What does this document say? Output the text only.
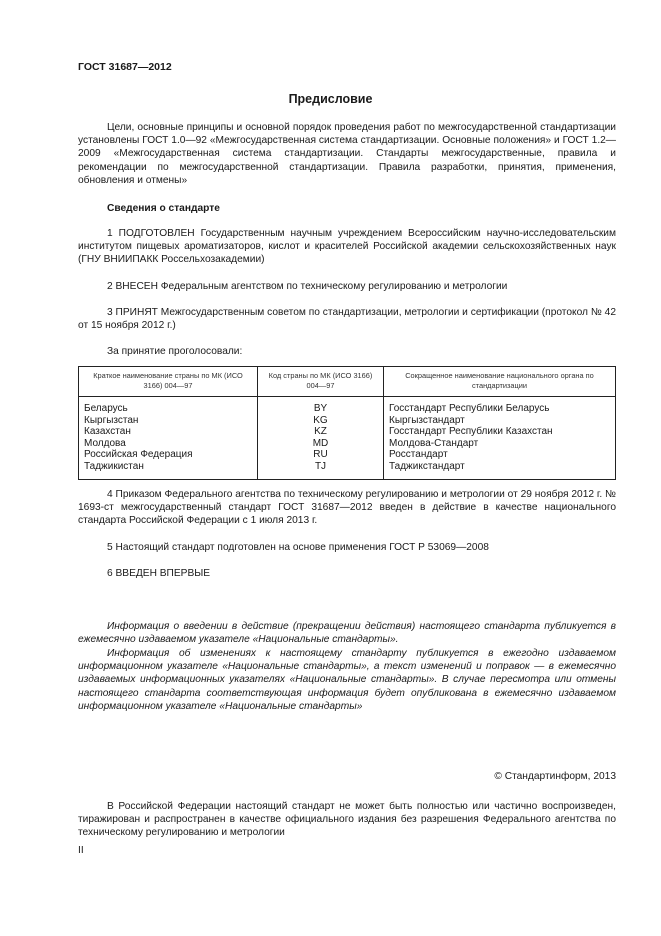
ГОСТ 31687—2012
Предисловие

Цели, основные принципы и основной порядок проведения работ по межгосударственной стандартизации установлены ГОСТ 1.0—92 «Межгосударственная система стандартизации. Основные положения» и ГОСТ 1.2—2009 «Межгосударственная система стандартизации. Стандарты межгосударственные, правила и рекомендации по межгосударственной стандартизации. Правила разработки, принятия, применения, обновления и отмены»

Сведения о стандарте

1 ПОДГОТОВЛЕН Государственным научным учреждением Всероссийским научно-исследовательским институтом пищевых ароматизаторов, кислот и красителей Российской академии сельскохозяйственных наук (ГНУ ВНИИПАКК Россельхозакадемии)

2 ВНЕСЕН Федеральным агентством по техническому регулированию и метрологии

3 ПРИНЯТ Межгосударственным советом по стандартизации, метрологии и сертификации (протокол № 42 от 15 ноября 2012 г.)

За принятие проголосовали:

Краткое наименование страны по МК (ИСО 3166) 004—97	Код страны по МК (ИСО 3166) 004—97	Сокращенное наименование национального органа по стандартизации
Беларусь	BY	Госстандарт Республики Беларусь
Кыргызстан	KG	Кыргызстандарт
Казахстан	KZ	Госстандарт Республики Казахстан
Молдова	MD	Молдова-Стандарт
Российская Федерация	RU	Росстандарт
Таджикистан	TJ	Таджикстандарт

4 Приказом Федерального агентства по техническому регулированию и метрологии от 29 ноября 2012 г. № 1693-ст межгосударственный стандарт ГОСТ 31687—2012 введен в действие в качестве национального стандарта Российской Федерации с 1 июля 2013 г.

5 Настоящий стандарт подготовлен на основе применения ГОСТ Р 53069—2008

6 ВВЕДЕН ВПЕРВЫЕ

Информация о введении в действие (прекращении действия) настоящего стандарта публикуется в ежемесячно издаваемом указателе «Национальные стандарты».

Информация об изменениях к настоящему стандарту публикуется в ежегодно издаваемом информационном указателе «Национальные стандарты», а текст изменений и поправок — в ежемесячно издаваемых информационных указателях «Национальные стандарты». В случае пересмотра или отмены настоящего стандарта соответствующая информация будет опубликована в ежемесячно издаваемом информационном указателе «Национальные стандарты»

© Стандартинформ, 2013

В Российской Федерации настоящий стандарт не может быть полностью или частично воспроизведен, тиражирован и распространен в качестве официального издания без разрешения Федерального агентства по техническому регулированию и метрологии

II
